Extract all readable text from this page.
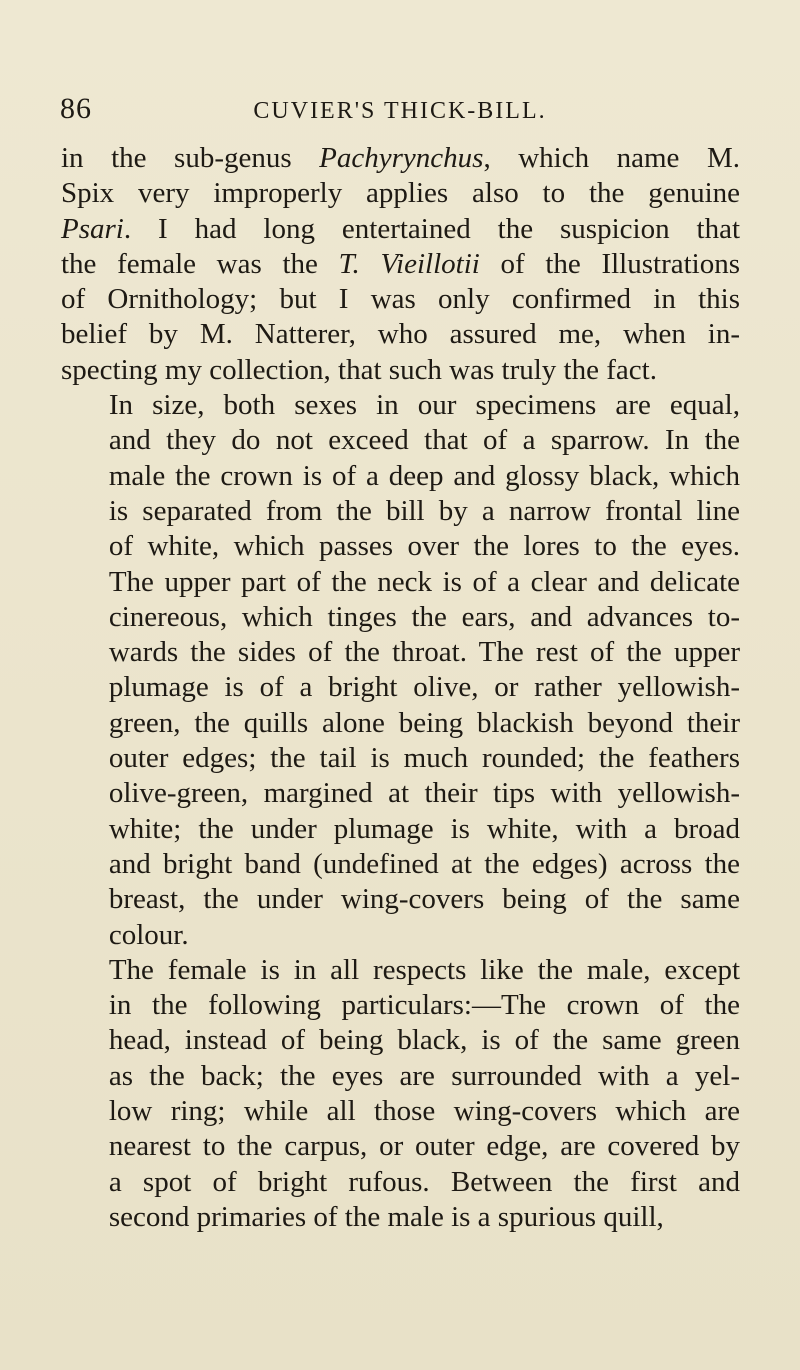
86	CUVIER'S THICK-BILL.

in the sub-genus Pachyrynchus, which name M.
Spix very improperly applies also to the genuine
Psari. I had long entertained the suspicion that
the female was the T. Vieillotii of the Illustrations
of Ornithology; but I was only confirmed in this
belief by M. Natterer, who assured me, when in-
specting my collection, that such was truly the fact.

In size, both sexes in our specimens are equal,
and they do not exceed that of a sparrow. In the
male the crown is of a deep and glossy black, which
is separated from the bill by a narrow frontal line
of white, which passes over the lores to the eyes.
The upper part of the neck is of a clear and delicate
cinereous, which tinges the ears, and advances to-
wards the sides of the throat. The rest of the upper
plumage is of a bright olive, or rather yellowish-
green, the quills alone being blackish beyond their
outer edges; the tail is much rounded; the feathers
olive-green, margined at their tips with yellowish-
white; the under plumage is white, with a broad
and bright band (undefined at the edges) across the
breast, the under wing-covers being of the same
colour.

The female is in all respects like the male, except
in the following particulars:—The crown of the
head, instead of being black, is of the same green
as the back; the eyes are surrounded with a yel-
low ring; while all those wing-covers which are
nearest to the carpus, or outer edge, are covered by
a spot of bright rufous. Between the first and
second primaries of the male is a spurious quill,
